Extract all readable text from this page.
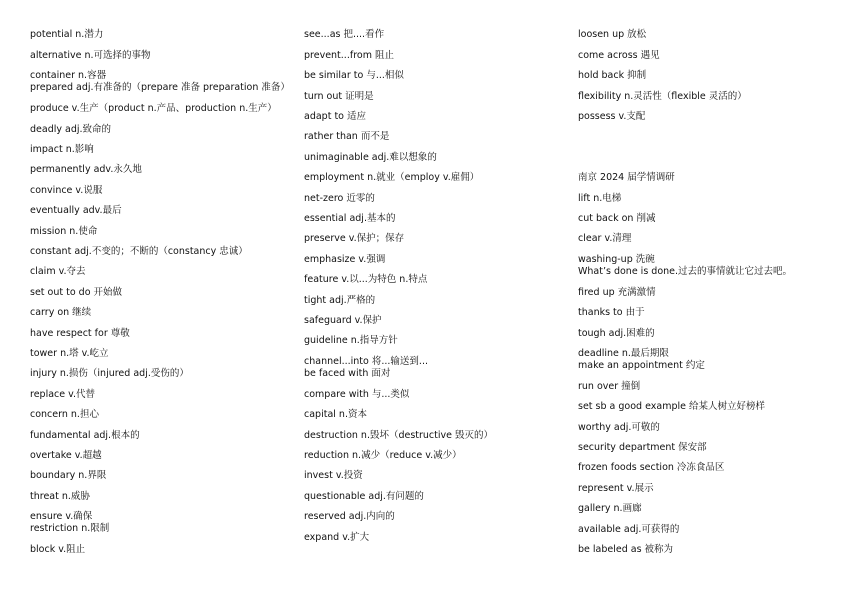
potential n.潜力
alternative n.可选择的事物
container n.容器
prepared adj.有准备的（prepare 准备 preparation 准备）
produce v.生产（product n.产品、production n.生产）
deadly adj.致命的
impact n.影响
permanently adv.永久地
convince v.说服
eventually adv.最后
mission n.使命
constant adj.不变的；不断的（constancy 忠诚）
claim v.夺去
set out to do 开始做
carry on 继续
have respect for 尊敬
tower n.塔 v.屹立
injury n.损伤（injured adj.受伤的）
replace v.代替
concern n.担心
fundamental adj.根本的
overtake v.超越
boundary n.界限
threat n.威胁
ensure v.确保
restriction n.限制
block v.阻止
see...as 把....看作
prevent...from 阻止
be similar to 与...相似
turn out 证明是
adapt to 适应
rather than 而不是
unimaginable adj.难以想象的
employment n.就业（employ v.雇佣）
net-zero 近零的
essential adj.基本的
preserve v.保护；保存
emphasize v.强调
feature v.以...为特色 n.特点
tight adj.严格的
safeguard v.保护
guideline n.指导方针
channel...into 将...输送到...
be faced with 面对
compare with 与...类似
capital n.资本
destruction n.毁坏（destructive 毁灭的）
reduction n.减少（reduce v.减少）
invest v.投资
questionable adj.有问题的
reserved adj.内向的
expand v.扩大
loosen up 放松
come across 遇见
hold back 抑制
flexibility n.灵活性（flexible 灵活的）
possess v.支配
南京 2024 届学情调研
lift n.电梯
cut back on 削减
clear v.清理
washing-up 洗碗
What’s done is done.过去的事情就让它过去吧。
fired up 充满激情
thanks to 由于
tough adj.困难的
deadline n.最后期限
make an appointment 约定
run over 撞倒
set sb a good example 给某人树立好榜样
worthy adj.可敬的
security department 保安部
frozen foods section 冷冻食品区
represent v.展示
gallery n.画廊
available adj.可获得的
be labeled as 被称为
